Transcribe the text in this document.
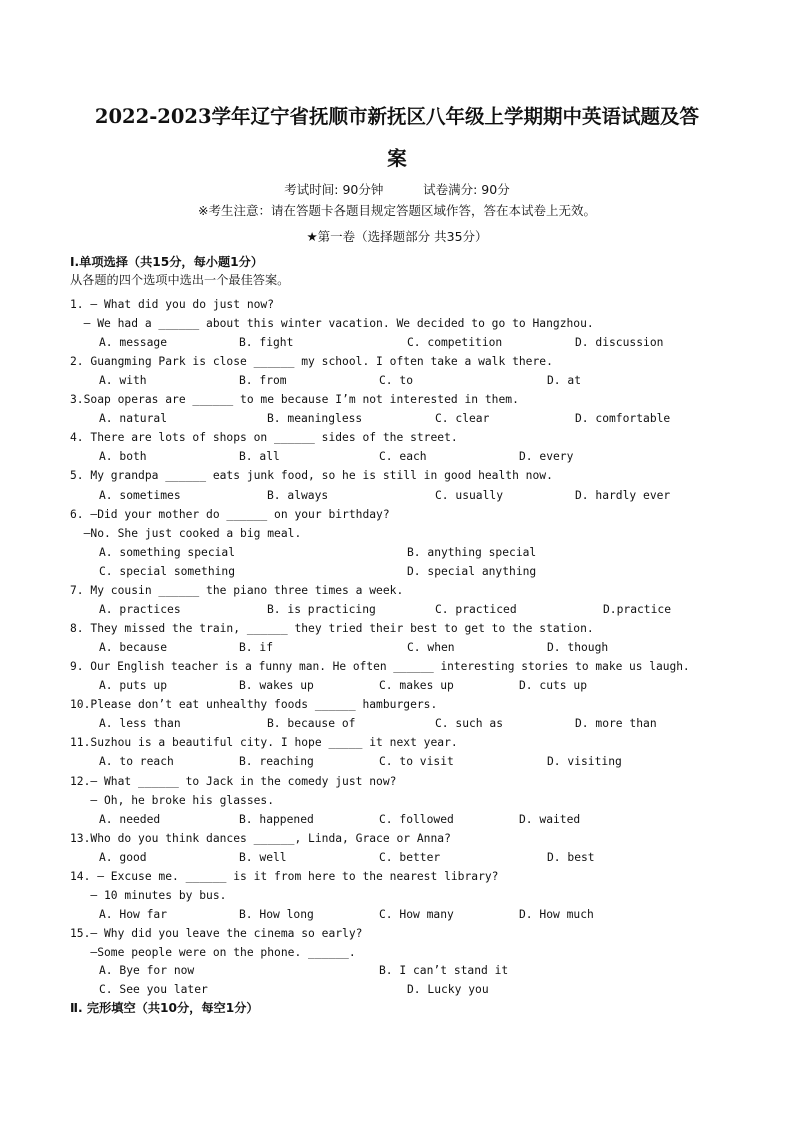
2022-2023学年辽宁省抚顺市新抚区八年级上学期期中英语试题及答
案
考试时间: 90分钟          试卷满分: 90分
※考生注意：请在答题卡各题目规定答题区域作答，答在本试卷上无效。
★第一卷（选择题部分 共35分）
Ⅰ.单项选择（共15分，每小题1分）
从各题的四个选项中选出一个最佳答案。
1. — What did you do just now?
— We had a ______ about this winter vacation. We decided to go to Hangzhou.
A. message	B. fight	C. competition	D. discussion
2. Guangming Park is close ______ my school. I often take a walk there.
A. with	B. from	C. to	D. at
3.Soap operas are ______ to me because I’m not interested in them.
A. natural	B. meaningless	C. clear	D. comfortable
4. There are lots of shops on ______ sides of the street.
A. both	B. all	C. each	D. every
5. My grandpa ______ eats junk food, so he is still in good health now.
A. sometimes	B. always	C. usually	D. hardly ever
6. —Did your mother do ______ on your birthday?
—No. She just cooked a big meal.
A. something special	B. anything special
C. special something	D. special anything
7. My cousin ______ the piano three times a week.
A. practices	B. is practicing	C. practiced	D.practice
8. They missed the train, ______ they tried their best to get to the station.
A. because	B. if	C. when	D. though
9. Our English teacher is a funny man. He often ______ interesting stories to make us laugh.
A. puts up	B. wakes up	C. makes up	D. cuts up
10.Please don’t eat unhealthy foods ______ hamburgers.
A. less than	B. because of	C. such as	D. more than
11.Suzhou is a beautiful city. I hope _____ it next year.
A. to reach	B. reaching	C. to visit	D. visiting
12.— What ______ to Jack in the comedy just now?
— Oh, he broke his glasses.
A. needed	B. happened	C. followed	D. waited
13.Who do you think dances ______, Linda, Grace or Anna?
A. good	B. well	C. better	D. best
14. — Excuse me. ______ is it from here to the nearest library?
— 10 minutes by bus.
A. How far	B. How long	C. How many	D. How much
15.— Why did you leave the cinema so early?
—Some people were on the phone. ______.
A. Bye for now	B. I can’t stand it
C. See you later	D. Lucky you
Ⅱ. 完形填空（共10分，每空1分）
